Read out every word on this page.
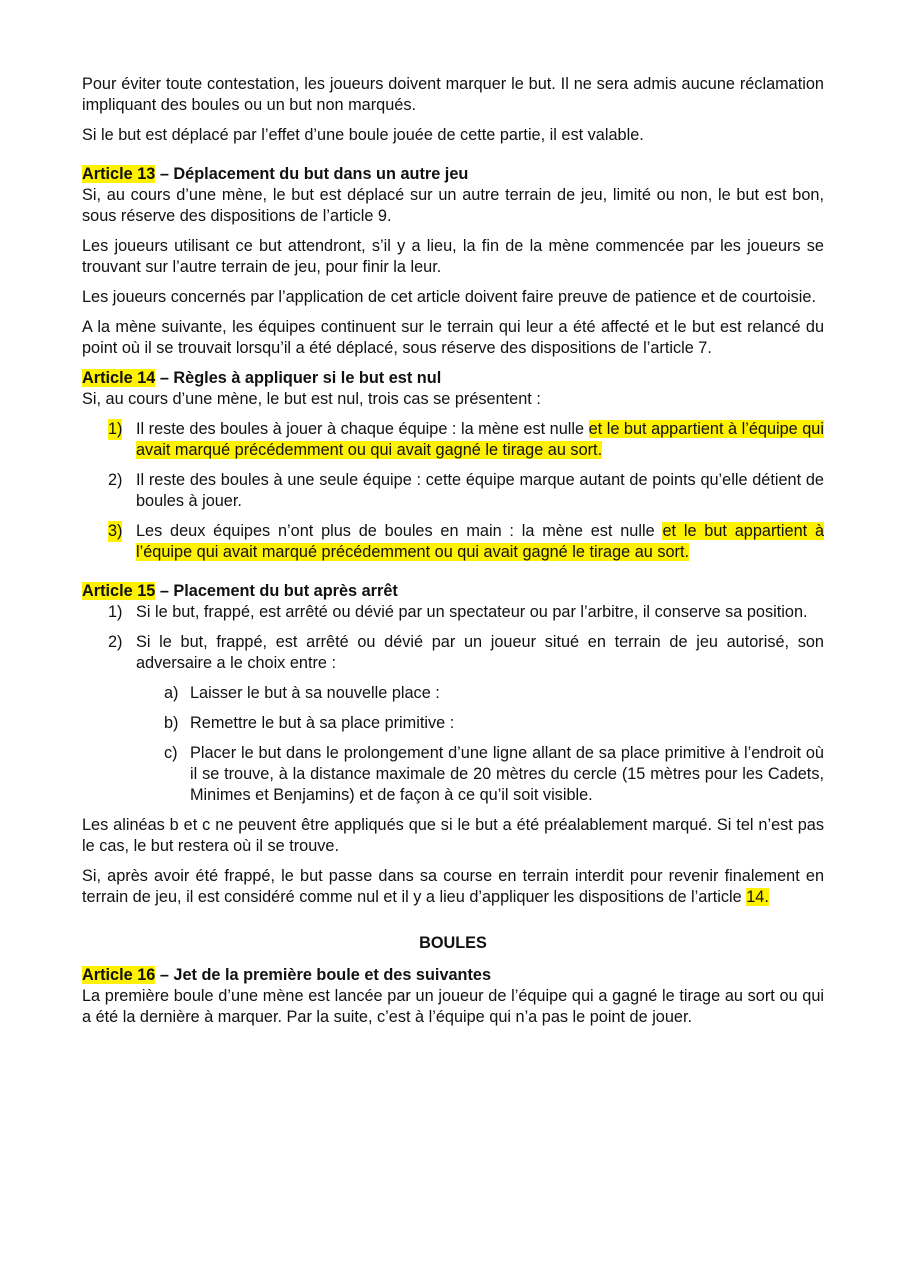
Pour éviter toute contestation, les joueurs doivent marquer le but. Il ne sera admis aucune réclamation impliquant des boules ou un but non marqués.

Si le but est déplacé par l’effet d’une boule jouée de cette partie, il est valable.

Article 13 – Déplacement du but dans un autre jeu

Si, au cours d’une mène, le but est déplacé sur un autre terrain de jeu, limité ou non, le but est bon, sous réserve des dispositions de l’article 9.

Les joueurs utilisant ce but attendront, s’il y a lieu, la fin de la mène commencée par les joueurs se trouvant sur l’autre terrain de jeu, pour finir la leur.

Les joueurs concernés par l’application de cet article doivent faire preuve de patience et de courtoisie.

A la mène suivante, les équipes continuent sur le terrain qui leur a été affecté et le but est relancé du point où il se trouvait lorsqu’il a été déplacé, sous réserve des dispositions de l’article 7.

Article 14 – Règles à appliquer si le but est nul

Si, au cours d’une mène, le but est nul, trois cas se présentent :

1) Il reste des boules à jouer à chaque équipe : la mène est nulle et le but appartient à l’équipe qui avait marqué précédemment ou qui avait gagné le tirage au sort.
2) Il reste des boules à une seule équipe : cette équipe marque autant de points qu’elle détient de boules à jouer.
3) Les deux équipes n’ont plus de boules en main : la mène est nulle et le but appartient à l’équipe qui avait marqué précédemment ou qui avait gagné le tirage au sort.
Article 15 – Placement du but après arrêt
1) Si le but, frappé, est arrêté ou dévié par un spectateur ou par l’arbitre, il conserve sa position.
2) Si le but, frappé, est arrêté ou dévié par un joueur situé en terrain de jeu autorisé, son adversaire a le choix entre :
a) Laisser le but à sa nouvelle place :
b) Remettre le but à sa place primitive :
c) Placer le but dans le prolongement d’une ligne allant de sa place primitive à l’endroit où il se trouve, à la distance maximale de 20 mètres du cercle (15 mètres pour les Cadets, Minimes et Benjamins) et de façon à ce qu’il soit visible.

Les alinéas b et c ne peuvent être appliqués que si le but a été préalablement marqué. Si tel n’est pas le cas, le but restera où il se trouve.

Si, après avoir été frappé, le but passe dans sa course en terrain interdit pour revenir finalement en terrain de jeu, il est considéré comme nul et il y a lieu d’appliquer les dispositions de l’article 14.

BOULES
Article 16 – Jet de la première boule et des suivantes

La première boule d’une mène est lancée par un joueur de l’équipe qui a gagné le tirage au sort ou qui a été la dernière à marquer. Par la suite, c’est à l’équipe qui n’a pas le point de jouer.
